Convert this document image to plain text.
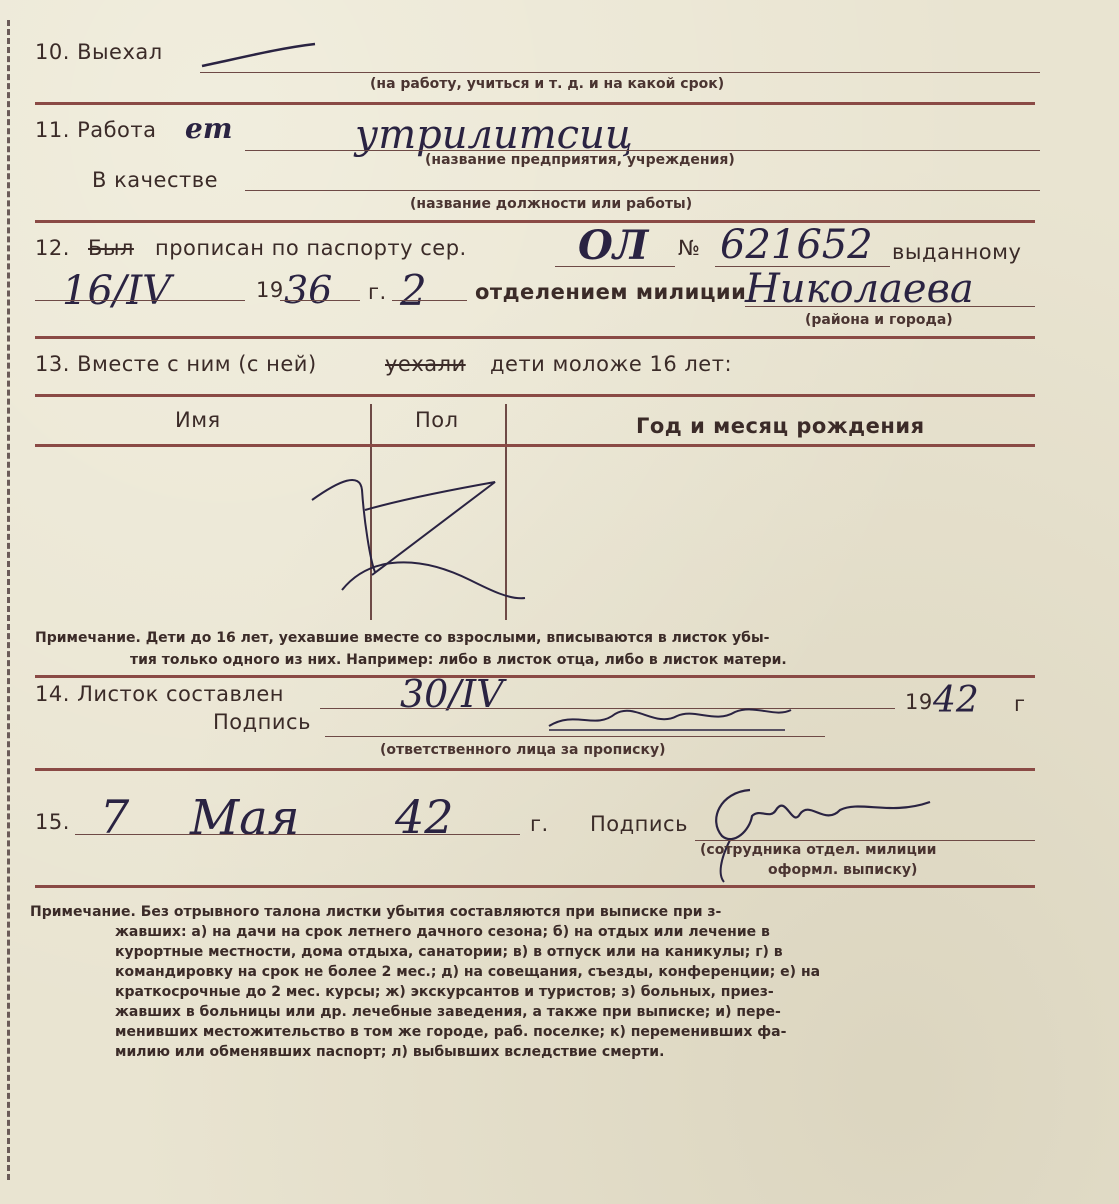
10. Выехал
(на работу, учиться и т. д. и на какой срок)
11. Работа ет	утрилитсиц
(название предприятия, учреждения)
В качестве
(название должности или работы)
12. Был прописан по паспорту сер.	ОЛ № 621652 выданному
16/IV	19 36 г. 2 отделением милиции
Николаева
(района и города)
13. Вместе с ним (с ней)	уехали дети моложе 16 лет:
Имя	Пол	Год и месяц рождения
Примечание. Дети до 16 лет, уехавшие вместе со взрослыми, вписываются в листок убы-
тия только одного из них. Например: либо в листок отца, либо в листок матери.
14. Листок составлен	30/IV	19 42 г
Подпись
(ответственного лица за прописку)
15. 7 Мая 42	г. Подпись
(сотрудника отдел. милиции
оформл. выписку)
Примечание. Без отрывного талона листки убытия составляются при выписке при з-
жавших: а) на дачи на срок летнего дачного сезона; б) на отдых или лечение в
курортные местности, дома отдыха, санатории; в) в отпуск или на каникулы; г) в
командировку на срок не более 2 мес.; д) на совещания, съезды, конференции; е) на
краткосрочные до 2 мес. курсы; ж) экскурсантов и туристов; з) больных, приез-
жавших в больницы или др. лечебные заведения, а также при выписке; и) пере-
менивших местожительство в том же городе, раб. поселке; к) переменивших фа-
милию или обменявших паспорт; л) выбывших вследствие смерти.
